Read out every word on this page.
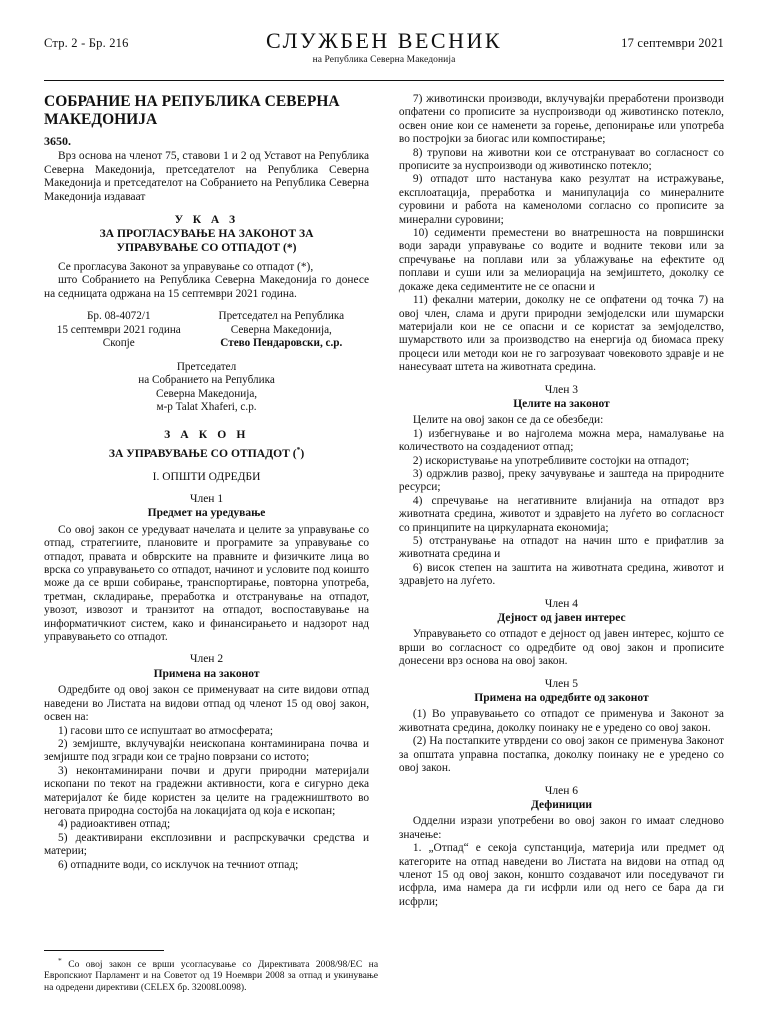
Стр. 2 - Бр. 216	СЛУЖБЕН ВЕСНИК
на Република Северна Македонија
17 септември 2021
СОБРАНИЕ НА РЕПУБЛИКА СЕВЕРНА МАКЕДОНИЈА
3650.

Врз основа на членот 75, ставови 1 и 2 од Уставот на Република Северна Македонија, претседателот на Република Северна Македонија и претседателот на Собранието на Република Северна Македонија издаваат

У К А З
ЗА ПРОГЛАСУВАЊЕ НА ЗАКОНОТ ЗА
УПРАВУВАЊЕ СО ОТПАДОТ (*)

Се прогласува Законот за управување со отпадот (*),

што Собранието на Република Северна Македонија го донесе на седницата одржана на 15 септември 2021 година.

Бр. 08-4072/1
15 септември 2021 година
Скопје
Претседател на Република
Северна Македонија,
Стево Пендаровски, с.р.
Претседател
на Собранието на Република
Северна Македонија,
м-р Talat Xhaferi, с.р.
З А К О Н
ЗА УПРАВУВАЊЕ СО ОТПАДОТ (*)
I. ОПШТИ ОДРЕДБИ
Член 1
Предмет на уредување

Со овој закон се уредуваат начелата и целите за управување со отпад, стратегиите, плановите и програмите за управување со отпадот, правата и обврските на правните и физичките лица во врска со управувањето со отпадот, начинот и условите под коишто може да се врши собирање, транспортирање, повторна употреба, третман, складирање, преработка и отстранување на отпадот, увозот, извозот и транзитот на отпадот, воспоставување на информатичкиот систем, како и финансирањето и надзорот над управувањето со отпадот.

Член 2
Примена на законот

Одредбите од овој закон се применуваат на сите видови отпад наведени во Листата на видови отпад од членот 15 од овој закон, освен на:

1) гасови што се испуштаат во атмосферата;

2) земјиште, вклучувајќи неископана контаминирана почва и земјиште под згради кои се трајно поврзани со истото;

3) неконтаминирани почви и други природни материјали ископани по текот на градежни активности, кога е сигурно дека материјалот ќе биде користен за целите на градежништвото во неговата природна состојба на локацијата од која е ископан;

4) радиоактивен отпад;

5) деактивирани експлозивни и распрскувачки средства и материи;

6) отпадните води, со исклучок на течниот отпад;

* Со овој закон се врши усогласување со Директивата 2008/98/ЕС на Европскиот Парламент и на Советот од 19 Ноември 2008 за отпад и укинување на одредени директиви (CELEX бр. 32008L0098).

7) животински производи, вклучувајќи преработени производи опфатени со прописите за нуспроизводи од животинско потекло, освен оние кои се наменети за горење, депонирање или употреба во постројки за биогас или компостирање;

8) трупови на животни кои се отстрануваат во согласност со прописите за нуспроизводи од животинско потекло;

9) отпадот што настанува како резултат на истражување, експлоатација, преработка и манипулација со минералните суровини и работа на каменоломи согласно со прописите за минерални суровини;

10) седименти преместени во внатрешноста на површински води заради управување со водите и водните текови или за спречување на поплави или за ублажување на ефектите од поплави и суши или за мелиорација на земјиштето, доколку се докаже дека седиментите не се опасни и

11) фекални материи, доколку не се опфатени од точка 7) на овој член, слама и други природни земјоделски или шумарски материјали кои не се опасни и се користат за земјоделство, шумарството или за производство на енергија од биомаса преку процеси или методи кои не го загрозуваат човековото здравје и не нанесуваат штета на животната средина.

Член 3
Целите на законот

Целите на овој закон се да се обезбеди:

1) избегнување и во најголема можна мера, намалување на количеството на создадениот отпад;

2) искористување на употребливите состојки на отпадот;

3) одржлив развој, преку зачувување и заштеда на природните ресурси;

4) спречување на негативните влијанија на отпадот врз животната средина, животот и здравјето на луѓето во согласност со принципите на циркуларната економија;

5) отстранување на отпадот на начин што е прифатлив за животната средина и

6) висок степен на заштита на животната средина, животот и здравјето на луѓето.

Член 4
Дејност од јавен интерес

Управувањето со отпадот е дејност од јавен интерес, којшто се врши во согласност со одредбите од овој закон и прописите донесени врз основа на овој закон.

Член 5
Примена на одредбите од законот

(1) Во управувањето со отпадот се применува и Законот за животната средина, доколку поинаку не е уредено со овој закон.

(2) На постапките утврдени со овој закон се применува Законот за општата управна постапка, доколку поинаку не е уредено со овој закон.

Член 6
Дефиниции

Одделни изрази употребени во овој закон го имаат следново значење:

1. „Отпад“ е секоја супстанција, материја или предмет од категорите на отпад наведени во Листата на видови на отпад од членот 15 од овој закон, коншто создавачот или поседувачот ги исфрла, има намера да ги исфрли или од него се бара да ги исфрли;
